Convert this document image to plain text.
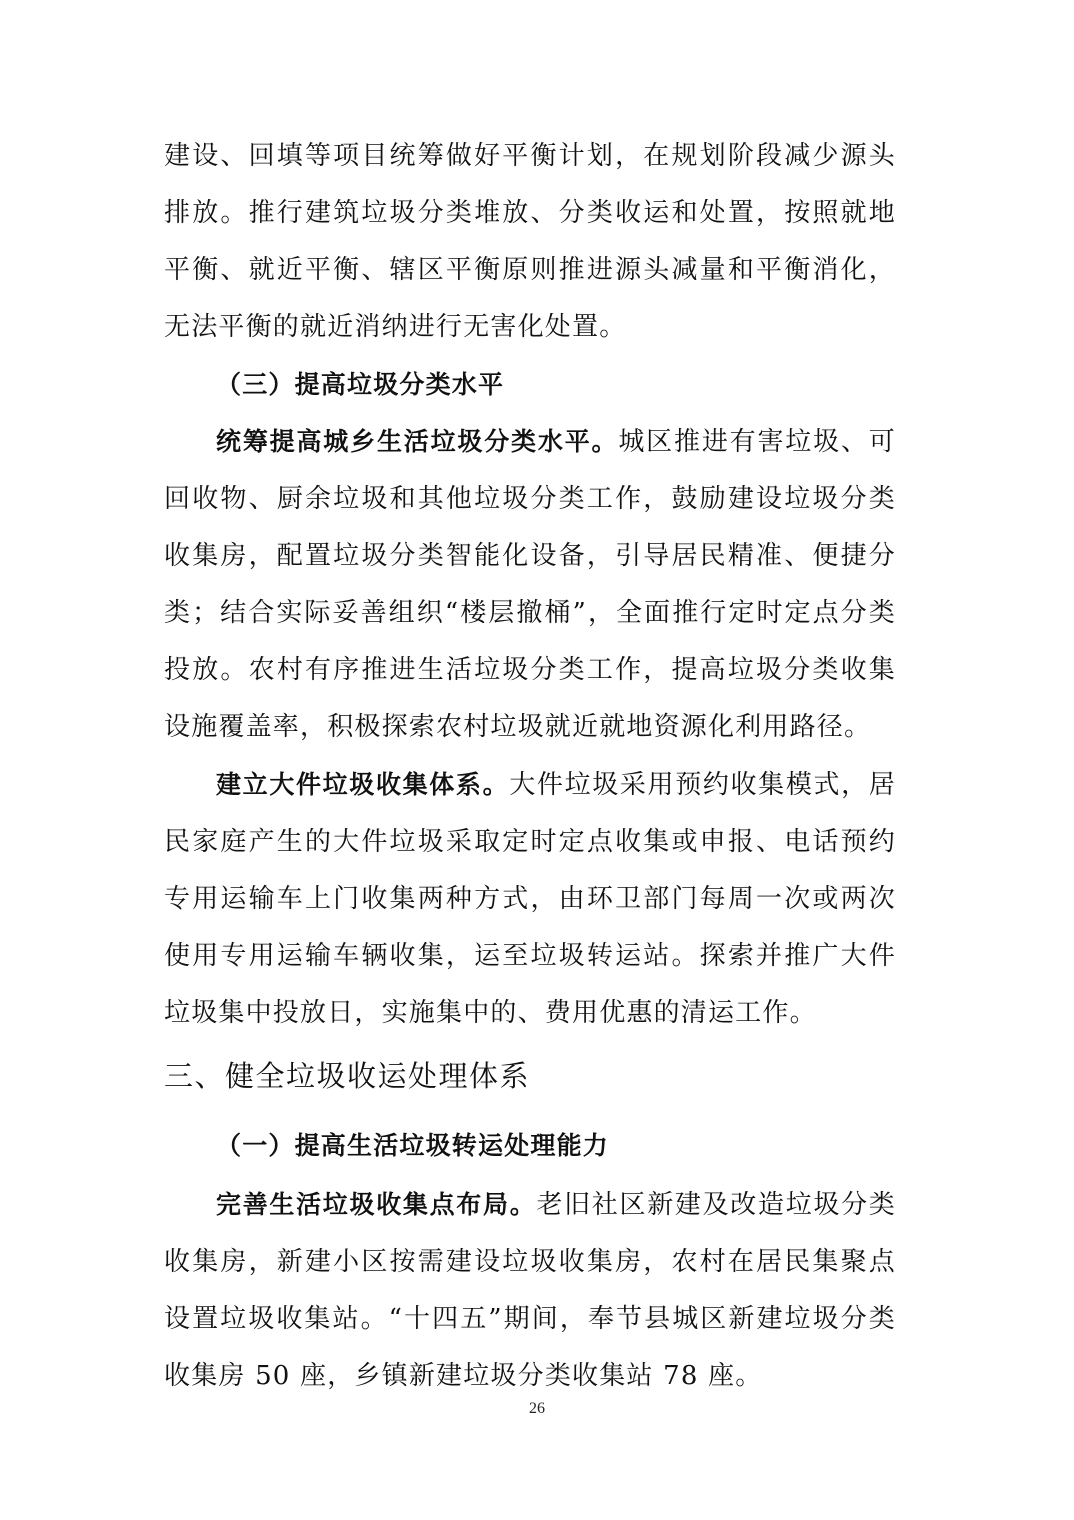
建设、回填等项目统筹做好平衡计划，在规划阶段减少源头排放。推行建筑垃圾分类堆放、分类收运和处置，按照就地平衡、就近平衡、辖区平衡原则推进源头减量和平衡消化，无法平衡的就近消纳进行无害化处置。

（三）提高垃圾分类水平

统筹提高城乡生活垃圾分类水平。城区推进有害垃圾、可回收物、厨余垃圾和其他垃圾分类工作，鼓励建设垃圾分类收集房，配置垃圾分类智能化设备，引导居民精准、便捷分类；结合实际妥善组织“楼层撤桶”，全面推行定时定点分类投放。农村有序推进生活垃圾分类工作，提高垃圾分类收集设施覆盖率，积极探索农村垃圾就近就地资源化利用路径。

建立大件垃圾收集体系。大件垃圾采用预约收集模式，居民家庭产生的大件垃圾采取定时定点收集或申报、电话预约专用运输车上门收集两种方式，由环卫部门每周一次或两次使用专用运输车辆收集，运至垃圾转运站。探索并推广大件垃圾集中投放日，实施集中的、费用优惠的清运工作。

三、健全垃圾收运处理体系

（一）提高生活垃圾转运处理能力

完善生活垃圾收集点布局。老旧社区新建及改造垃圾分类收集房，新建小区按需建设垃圾收集房，农村在居民集聚点设置垃圾收集站。“十四五”期间，奉节县城区新建垃圾分类收集房 50 座，乡镇新建垃圾分类收集站 78 座。

26
